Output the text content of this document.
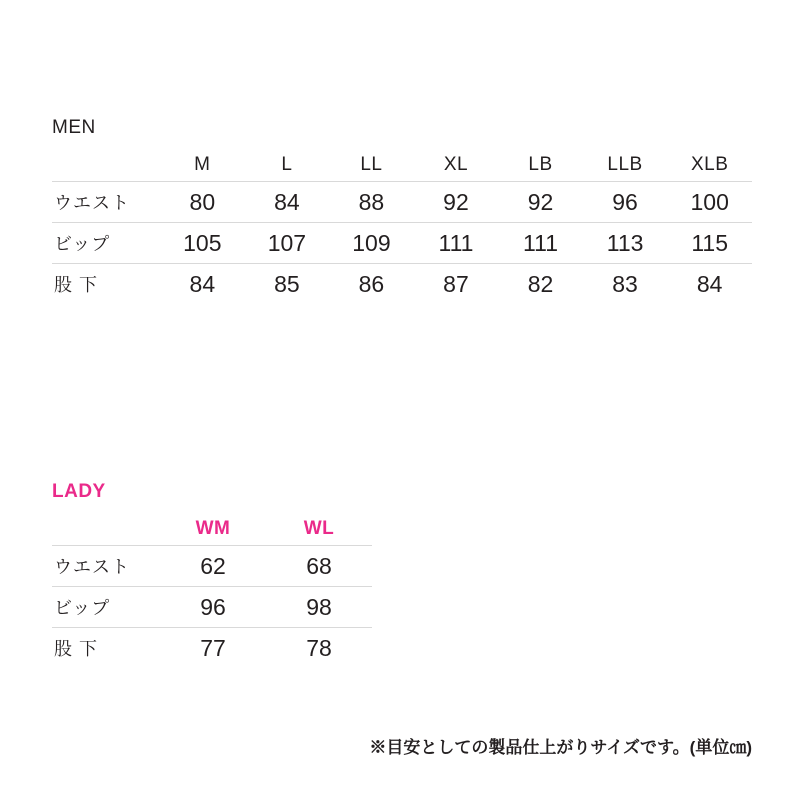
MEN
	M	L	LL	XL	LB	LLB	XLB
ウエスト	80	84	88	92	92	96	100
ビップ	105	107	109	111	111	113	115
股 下	84	85	86	87	82	83	84
LADY
	WM	WL
ウエスト	62	68
ビップ	96	98
股 下	77	78
※目安としての製品仕上がりサイズです。(単位㎝)
